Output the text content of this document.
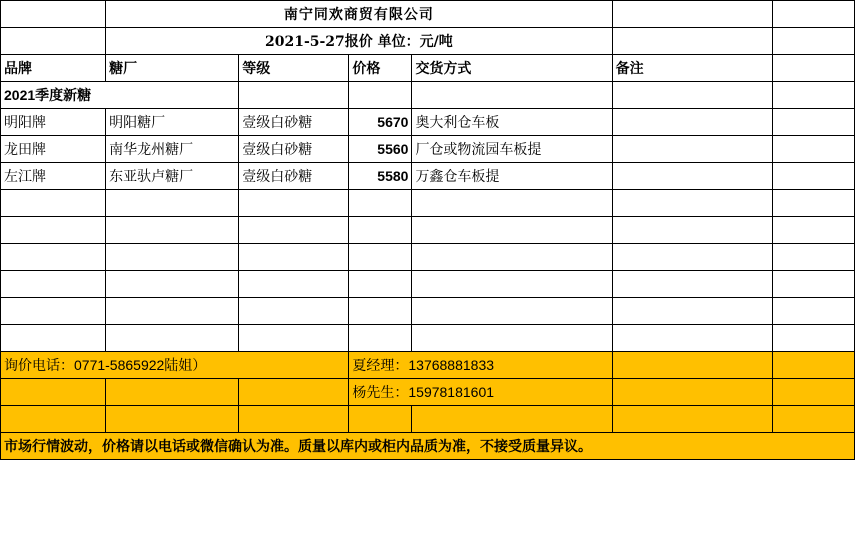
	南宁同欢商贸有限公司					
	2021-5-27报价 单位：元/吨					
品牌	糖厂	等级	价格	交货方式	备注	
2021季度新糖						
明阳牌	明阳糖厂	壹级白砂糖	5670	奥大利仓车板		
龙田牌	南华龙州糖厂	壹级白砂糖	5560	厂仓或物流园车板提		
左江牌	东亚驮卢糖厂	壹级白砂糖	5580	万鑫仓车板提		

询价电话：0771-5865922陆姐）			夏经理：13768881833			
			杨先生：15978181601			

市场行情波动，价格请以电话或微信确认为准。质量以库内或柜内品质为准，不接受质量异议。						
